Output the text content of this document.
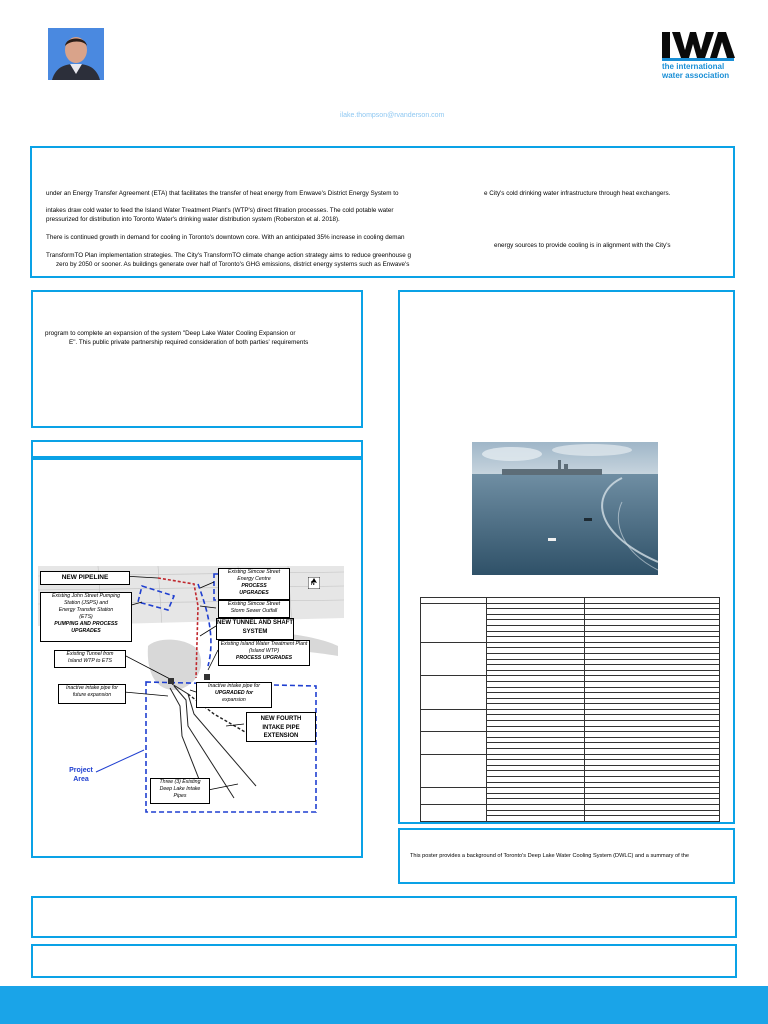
the international
water association
ilake.thompson@rvanderson.com
under an Energy Transfer Agreement (ETA) that facilitates the transfer of heat energy from Enwave's District Energy System to	e City's cold drinking water infrastructure through heat exchangers.
intakes draw cold water to feed the Island Water Treatment Plant's (WTP's) direct filtration processes. The cold potable water
pressurized for distribution into Toronto Water's drinking water distribution system (Roberston et al. 2018).
There is continued growth in demand for cooling in Toronto's downtown core. With an anticipated 35% increase in cooling deman
energy sources to provide cooling is in alignment with the City's
TransformTO Plan implementation strategies. The City's TransformTO climate change action strategy aims to reduce greenhouse g
zero by 2050 or sooner. As buildings generate over half of Toronto's GHG emissions, district energy systems such as Enwave's
program to complete an expansion of the system "Deep Lake Water Cooling Expansion or
E". This public private partnership required consideration of both parties' requirements

NEW PIPELINE
Existing John Street Pumping
Station (JSPS) and
Energy Transfer Station
(ETS)
PUMPING AND PROCESS
UPGRADES
Existing Simcoe Street
Energy Centre
PROCESS
UPGRADES
Existing Simcoe Street
Storm Sewer Outfall
NEW TUNNEL AND SHAFT
SYSTEM
N
Existing Tunnel from
Island WTP to ETS
Existing Island Water Treatment Plant
(Island WTP)
PROCESS UPGRADES
Inactive intake pipe for
future expansion
Inactive intake pipe for
UPGRADED for
expansion
NEW FOURTH
INTAKE PIPE
EXTENSION
Project
Area	Three (3) Existing
Deep Lake Intake
Pipes
This poster provides a background of Toronto's Deep Lake Water Cooling System (DWLC) and a summary of the
